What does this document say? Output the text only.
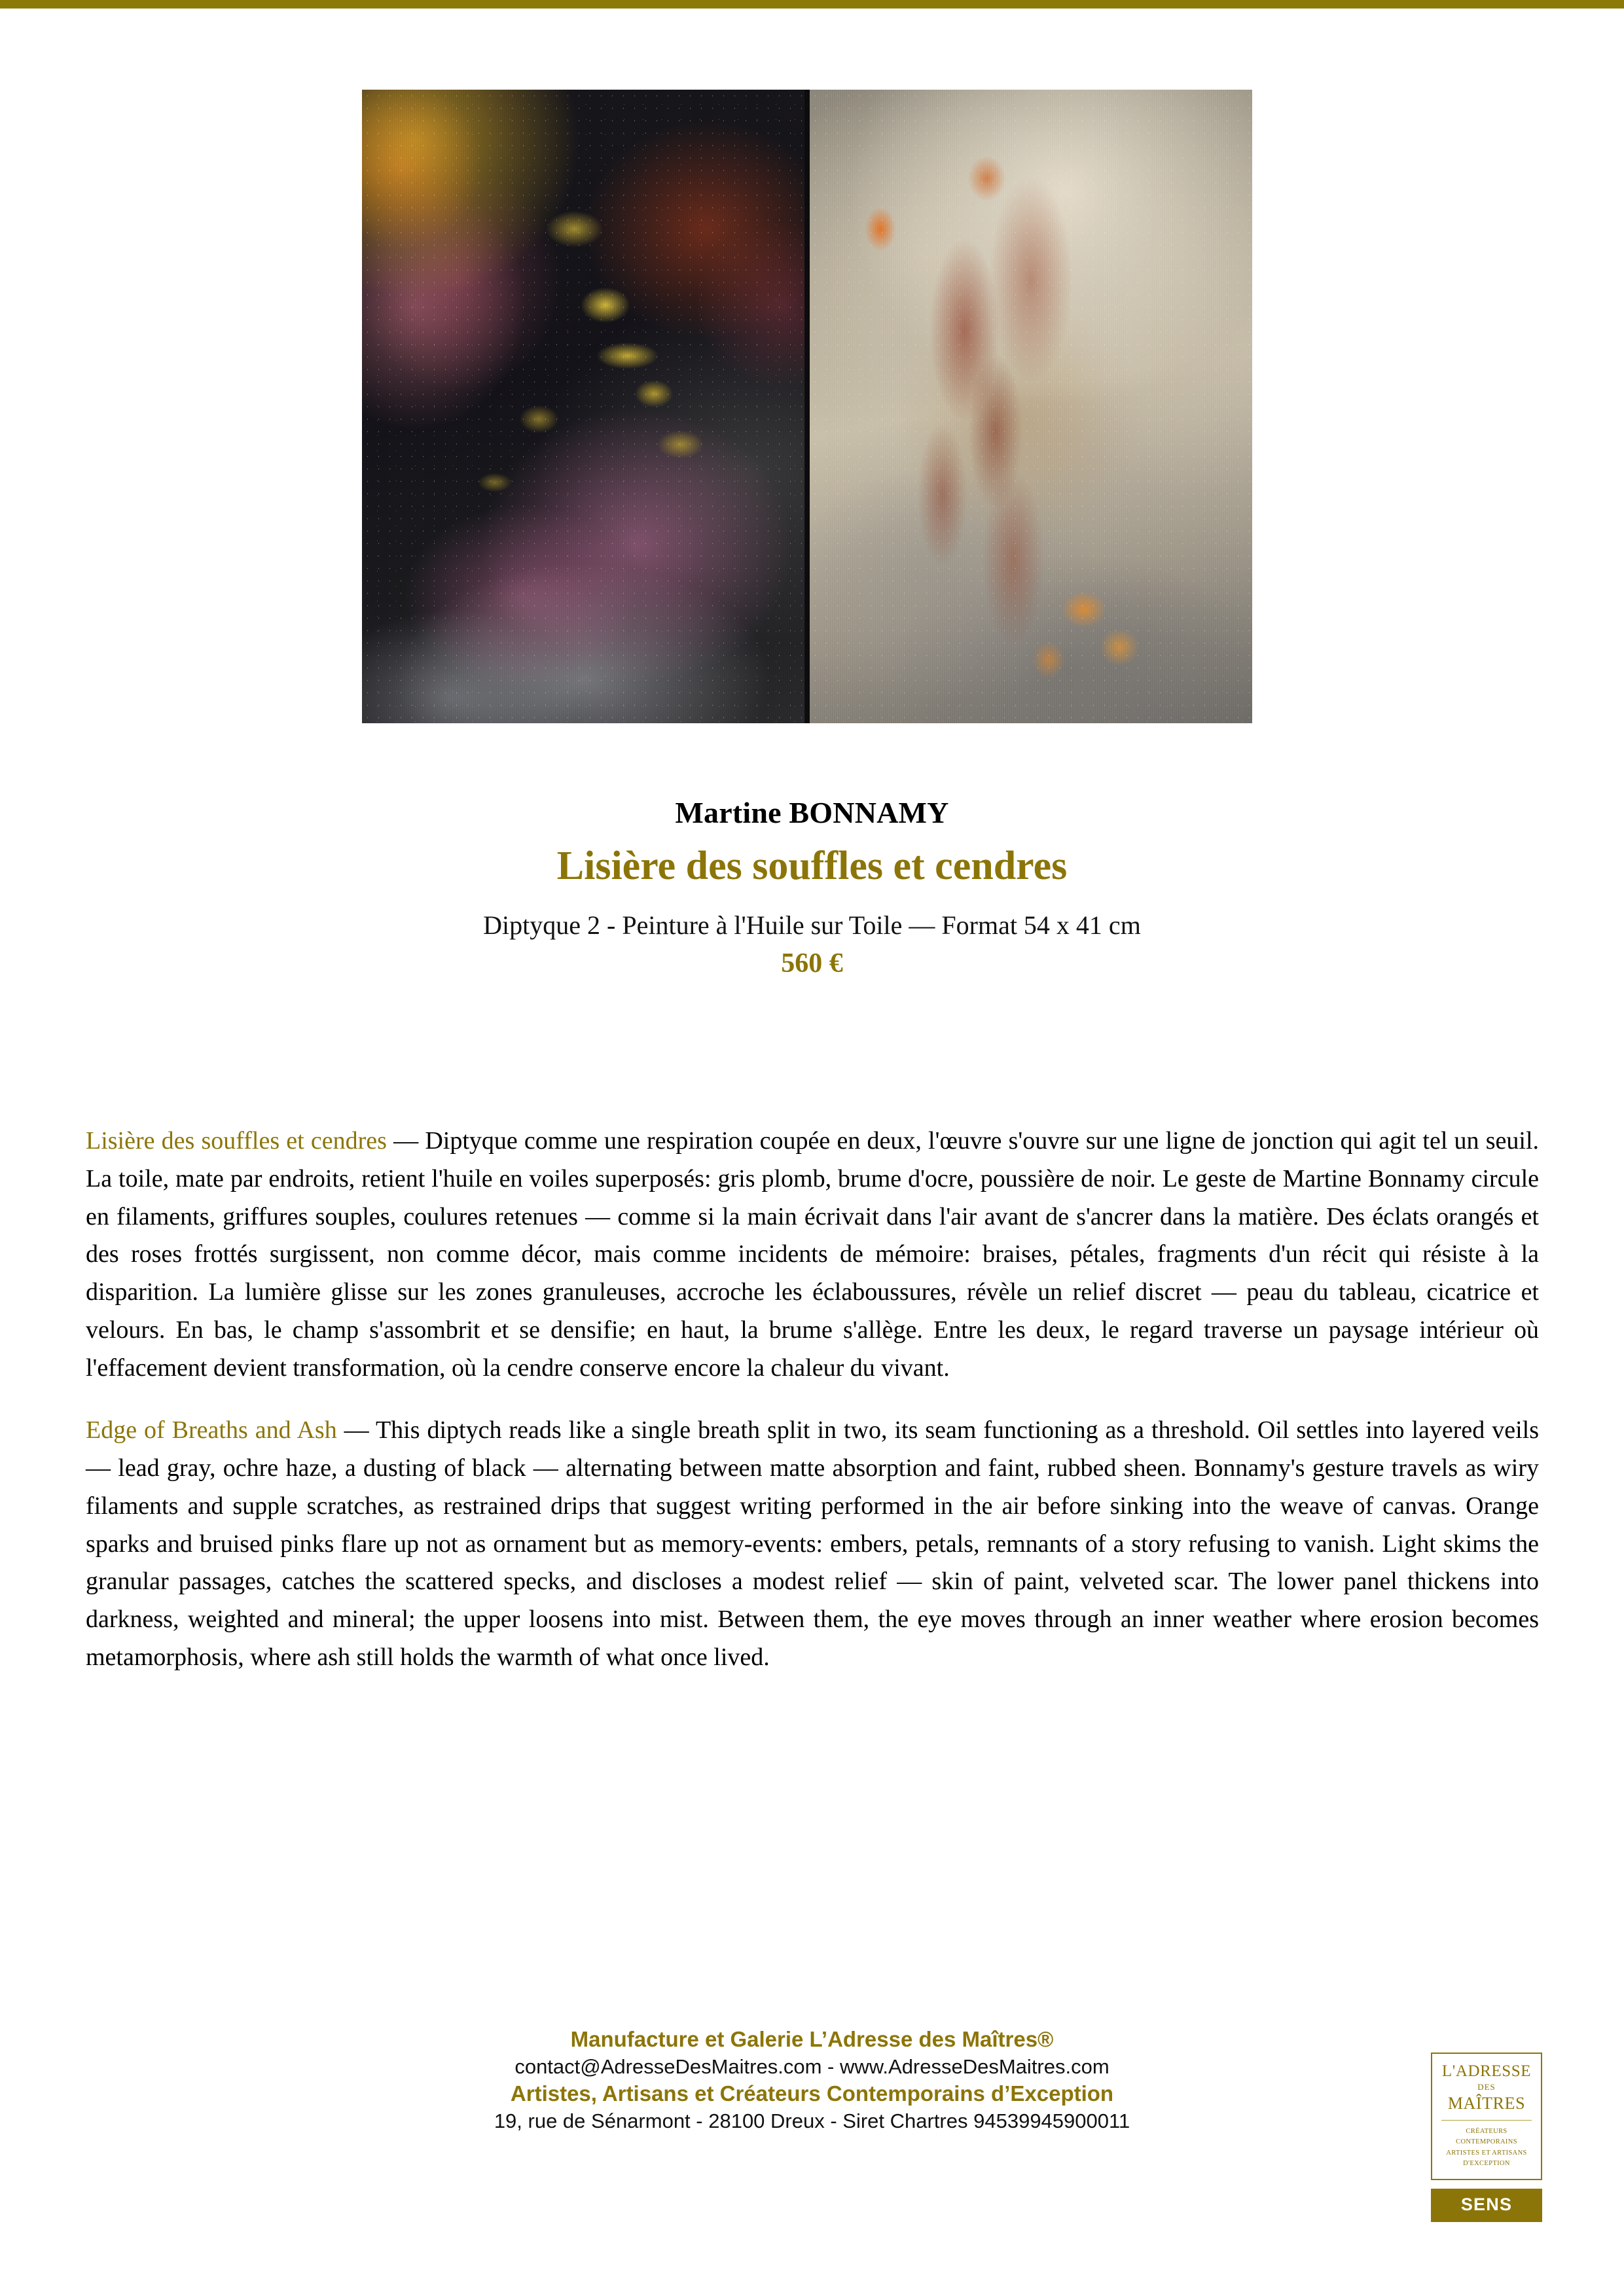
Martine BONNAMY
Lisière des souffles et cendres
Diptyque 2 - Peinture à l'Huile sur Toile — Format 54 x 41 cm
560 €

Lisière des souffles et cendres — Diptyque comme une respiration coupée en deux, l'œuvre s'ouvre sur une ligne de jonction qui agit tel un seuil. La toile, mate par endroits, retient l'huile en voiles superposés: gris plomb, brume d'ocre, poussière de noir. Le geste de Martine Bonnamy circule en filaments, griffures souples, coulures retenues — comme si la main écrivait dans l'air avant de s'ancrer dans la matière. Des éclats orangés et des roses frottés surgissent, non comme décor, mais comme incidents de mémoire: braises, pétales, fragments d'un récit qui résiste à la disparition. La lumière glisse sur les zones granuleuses, accroche les éclaboussures, révèle un relief discret — peau du tableau, cicatrice et velours. En bas, le champ s'assombrit et se densifie; en haut, la brume s'allège. Entre les deux, le regard traverse un paysage intérieur où l'effacement devient transformation, où la cendre conserve encore la chaleur du vivant.

Edge of Breaths and Ash — This diptych reads like a single breath split in two, its seam functioning as a threshold. Oil settles into layered veils — lead gray, ochre haze, a dusting of black — alternating between matte absorption and faint, rubbed sheen. Bonnamy's gesture travels as wiry filaments and supple scratches, as restrained drips that suggest writing performed in the air before sinking into the weave of canvas. Orange sparks and bruised pinks flare up not as ornament but as memory-events: embers, petals, remnants of a story refusing to vanish. Light skims the granular passages, catches the scattered specks, and discloses a modest relief — skin of paint, velveted scar. The lower panel thickens into darkness, weighted and mineral; the upper loosens into mist. Between them, the eye moves through an inner weather where erosion becomes metamorphosis, where ash still holds the warmth of what once lived.

Manufacture et Galerie L’Adresse des Maîtres®
contact@AdresseDesMaitres.com - www.AdresseDesMaitres.com
Artistes, Artisans et Créateurs Contemporains d’Exception
19, rue de Sénarmont - 28100 Dreux - Siret Chartres 94539945900011
L'ADRESSE
DES
MAÎTRES
CRÉATEURS CONTEMPORAINS
ARTISTES ET ARTISANS
D'EXCEPTION
SENS
